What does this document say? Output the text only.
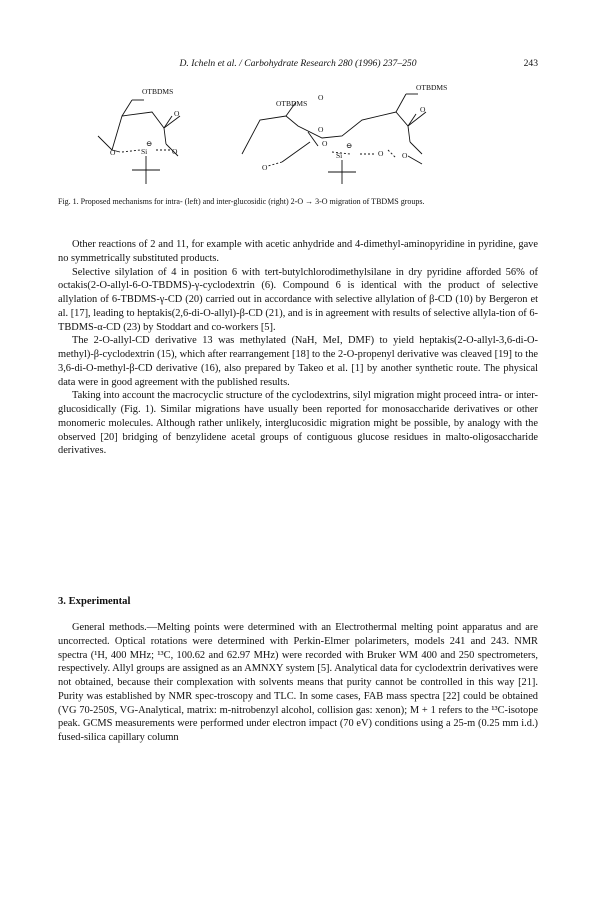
D. Icheln et al. / Carbohydrate Research 280 (1996) 237–250	243
OTBDMS
O
O	O
Si
⊖
OTBDMS
O
O
O
O
Si
⊖
O
OTBDMS
O
O
Fig. 1. Proposed mechanisms for intra- (left) and inter-glucosidic (right) 2-O → 3-O migration of TBDMS groups.

Other reactions of 2 and 11, for example with acetic anhydride and 4-dimethyl-aminopyridine in pyridine, gave no symmetrically substituted products.

Selective silylation of 4 in position 6 with tert-butylchlorodimethylsilane in dry pyridine afforded 56% of octakis(2-O-allyl-6-O-TBDMS)-γ-cyclodextrin (6). Compound 6 is identical with the product of selective allylation of 6-TBDMS-γ-CD (20) carried out in accordance with selective allylation of β-CD (10) by Bergeron et al. [17], leading to heptakis(2,6-di-O-allyl)-β-CD (21), and is in agreement with results of selective allyla-tion of 6-TBDMS-α-CD (23) by Stoddart and co-workers [5].

The 2-O-allyl-CD derivative 13 was methylated (NaH, MeI, DMF) to yield heptakis(2-O-allyl-3,6-di-O-methyl)-β-cyclodextrin (15), which after rearrangement [18] to the 2-O-propenyl derivative was cleaved [19] to the 3,6-di-O-methyl-β-CD derivative (16), also prepared by Takeo et al. [1] by another synthetic route. The physical data were in good agreement with the published results.

Taking into account the macrocyclic structure of the cyclodextrins, silyl migration might proceed intra- or inter-glucosidically (Fig. 1). Similar migrations have usually been reported for monosaccharide derivatives or other monomeric molecules. Although rather unlikely, interglucosidic migration might be possible, by analogy with the observed [20] bridging of benzylidene acetal groups of contiguous glucose residues in malto-oligosaccharide derivatives.

3. Experimental

General methods.—Melting points were determined with an Electrothermal melting point apparatus and are uncorrected. Optical rotations were determined with Perkin-Elmer polarimeters, models 241 and 243. NMR spectra (¹H, 400 MHz; ¹³C, 100.62 and 62.97 MHz) were recorded with Bruker WM 400 and 250 spectrometers, respectively. Allyl groups are assigned as an AMNXY system [5]. Analytical data for cyclodextrin derivatives were not obtained, because their complexation with solvents means that purity cannot be controlled in this way [21]. Purity was established by NMR spec-troscopy and TLC. In some cases, FAB mass spectra [22] could be obtained (VG 70-250S, VG-Analytical, matrix: m-nitrobenzyl alcohol, collision gas: xenon); M + 1 refers to the ¹³C-isotope peak. GCMS measurements were performed under electron impact (70 eV) conditions using a 25-m (0.25 mm i.d.) fused-silica capillary column
